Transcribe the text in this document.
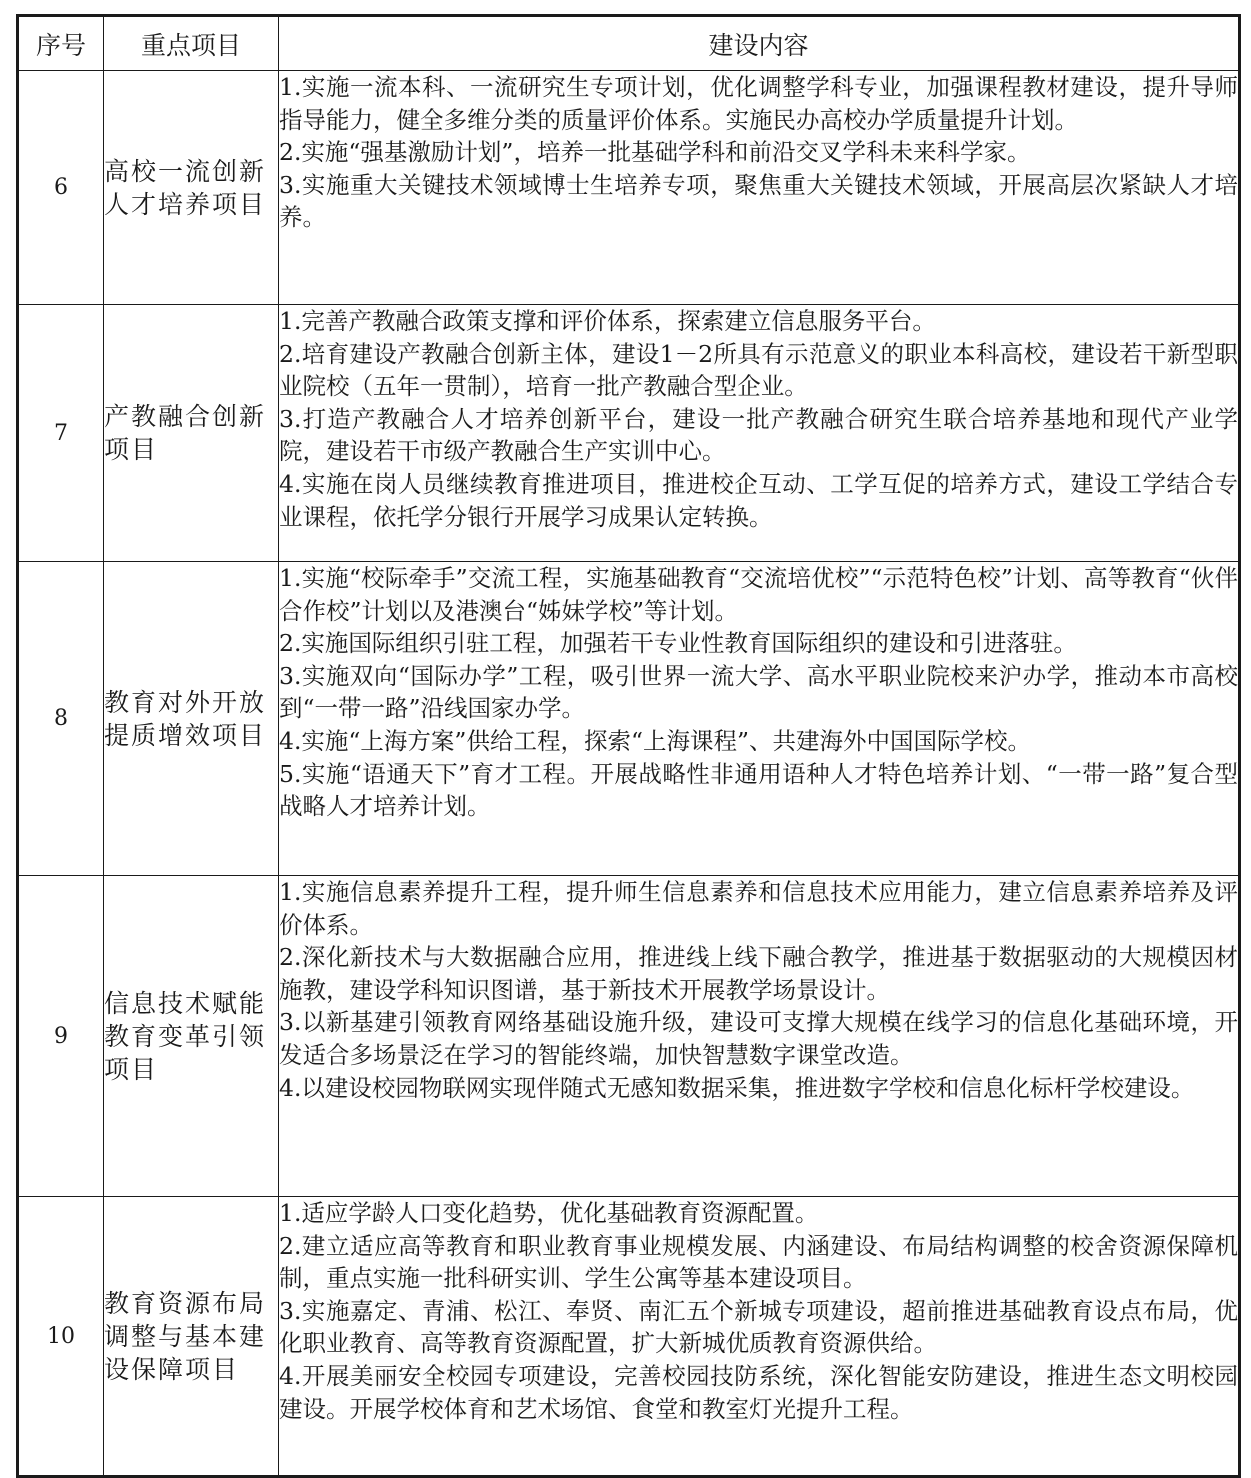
序号	重点项目	建设内容
6	高校一流创新人才培养项目	1.实施一流本科、一流研究生专项计划，优化调整学科专业，加强课程教材建设，提升导师指导能力，健全多维分类的质量评价体系。实施民办高校办学质量提升计划。

2.实施“强基激励计划”，培养一批基础学科和前沿交叉学科未来科学家。

3.实施重大关键技术领域博士生培养专项，聚焦重大关键技术领域，开展高层次紧缺人才培养。

7	产教融合创新项目	1.完善产教融合政策支撑和评价体系，探索建立信息服务平台。

2.培育建设产教融合创新主体，建设1－2所具有示范意义的职业本科高校，建设若干新型职业院校（五年一贯制），培育一批产教融合型企业。

3.打造产教融合人才培养创新平台，建设一批产教融合研究生联合培养基地和现代产业学院，建设若干市级产教融合生产实训中心。

4.实施在岗人员继续教育推进项目，推进校企互动、工学互促的培养方式，建设工学结合专业课程，依托学分银行开展学习成果认定转换。

8	教育对外开放提质增效项目	1.实施“校际牵手”交流工程，实施基础教育“交流培优校”“示范特色校”计划、高等教育“伙伴合作校”计划以及港澳台“姊妹学校”等计划。

2.实施国际组织引驻工程，加强若干专业性教育国际组织的建设和引进落驻。

3.实施双向“国际办学”工程，吸引世界一流大学、高水平职业院校来沪办学，推动本市高校到“一带一路”沿线国家办学。

4.实施“上海方案”供给工程，探索“上海课程”、共建海外中国国际学校。

5.实施“语通天下”育才工程。开展战略性非通用语种人才特色培养计划、“一带一路”复合型战略人才培养计划。

9	信息技术赋能教育变革引领项目	1.实施信息素养提升工程，提升师生信息素养和信息技术应用能力，建立信息素养培养及评价体系。

2.深化新技术与大数据融合应用，推进线上线下融合教学，推进基于数据驱动的大规模因材施教，建设学科知识图谱，基于新技术开展教学场景设计。

3.以新基建引领教育网络基础设施升级，建设可支撑大规模在线学习的信息化基础环境，开发适合多场景泛在学习的智能终端，加快智慧数字课堂改造。

4.以建设校园物联网实现伴随式无感知数据采集，推进数字学校和信息化标杆学校建设。

10	教育资源布局调整与基本建设保障项目	1.适应学龄人口变化趋势，优化基础教育资源配置。

2.建立适应高等教育和职业教育事业规模发展、内涵建设、布局结构调整的校舍资源保障机制，重点实施一批科研实训、学生公寓等基本建设项目。

3.实施嘉定、青浦、松江、奉贤、南汇五个新城专项建设，超前推进基础教育设点布局，优化职业教育、高等教育资源配置，扩大新城优质教育资源供给。

4.开展美丽安全校园专项建设，完善校园技防系统，深化智能安防建设，推进生态文明校园建设。开展学校体育和艺术场馆、食堂和教室灯光提升工程。
